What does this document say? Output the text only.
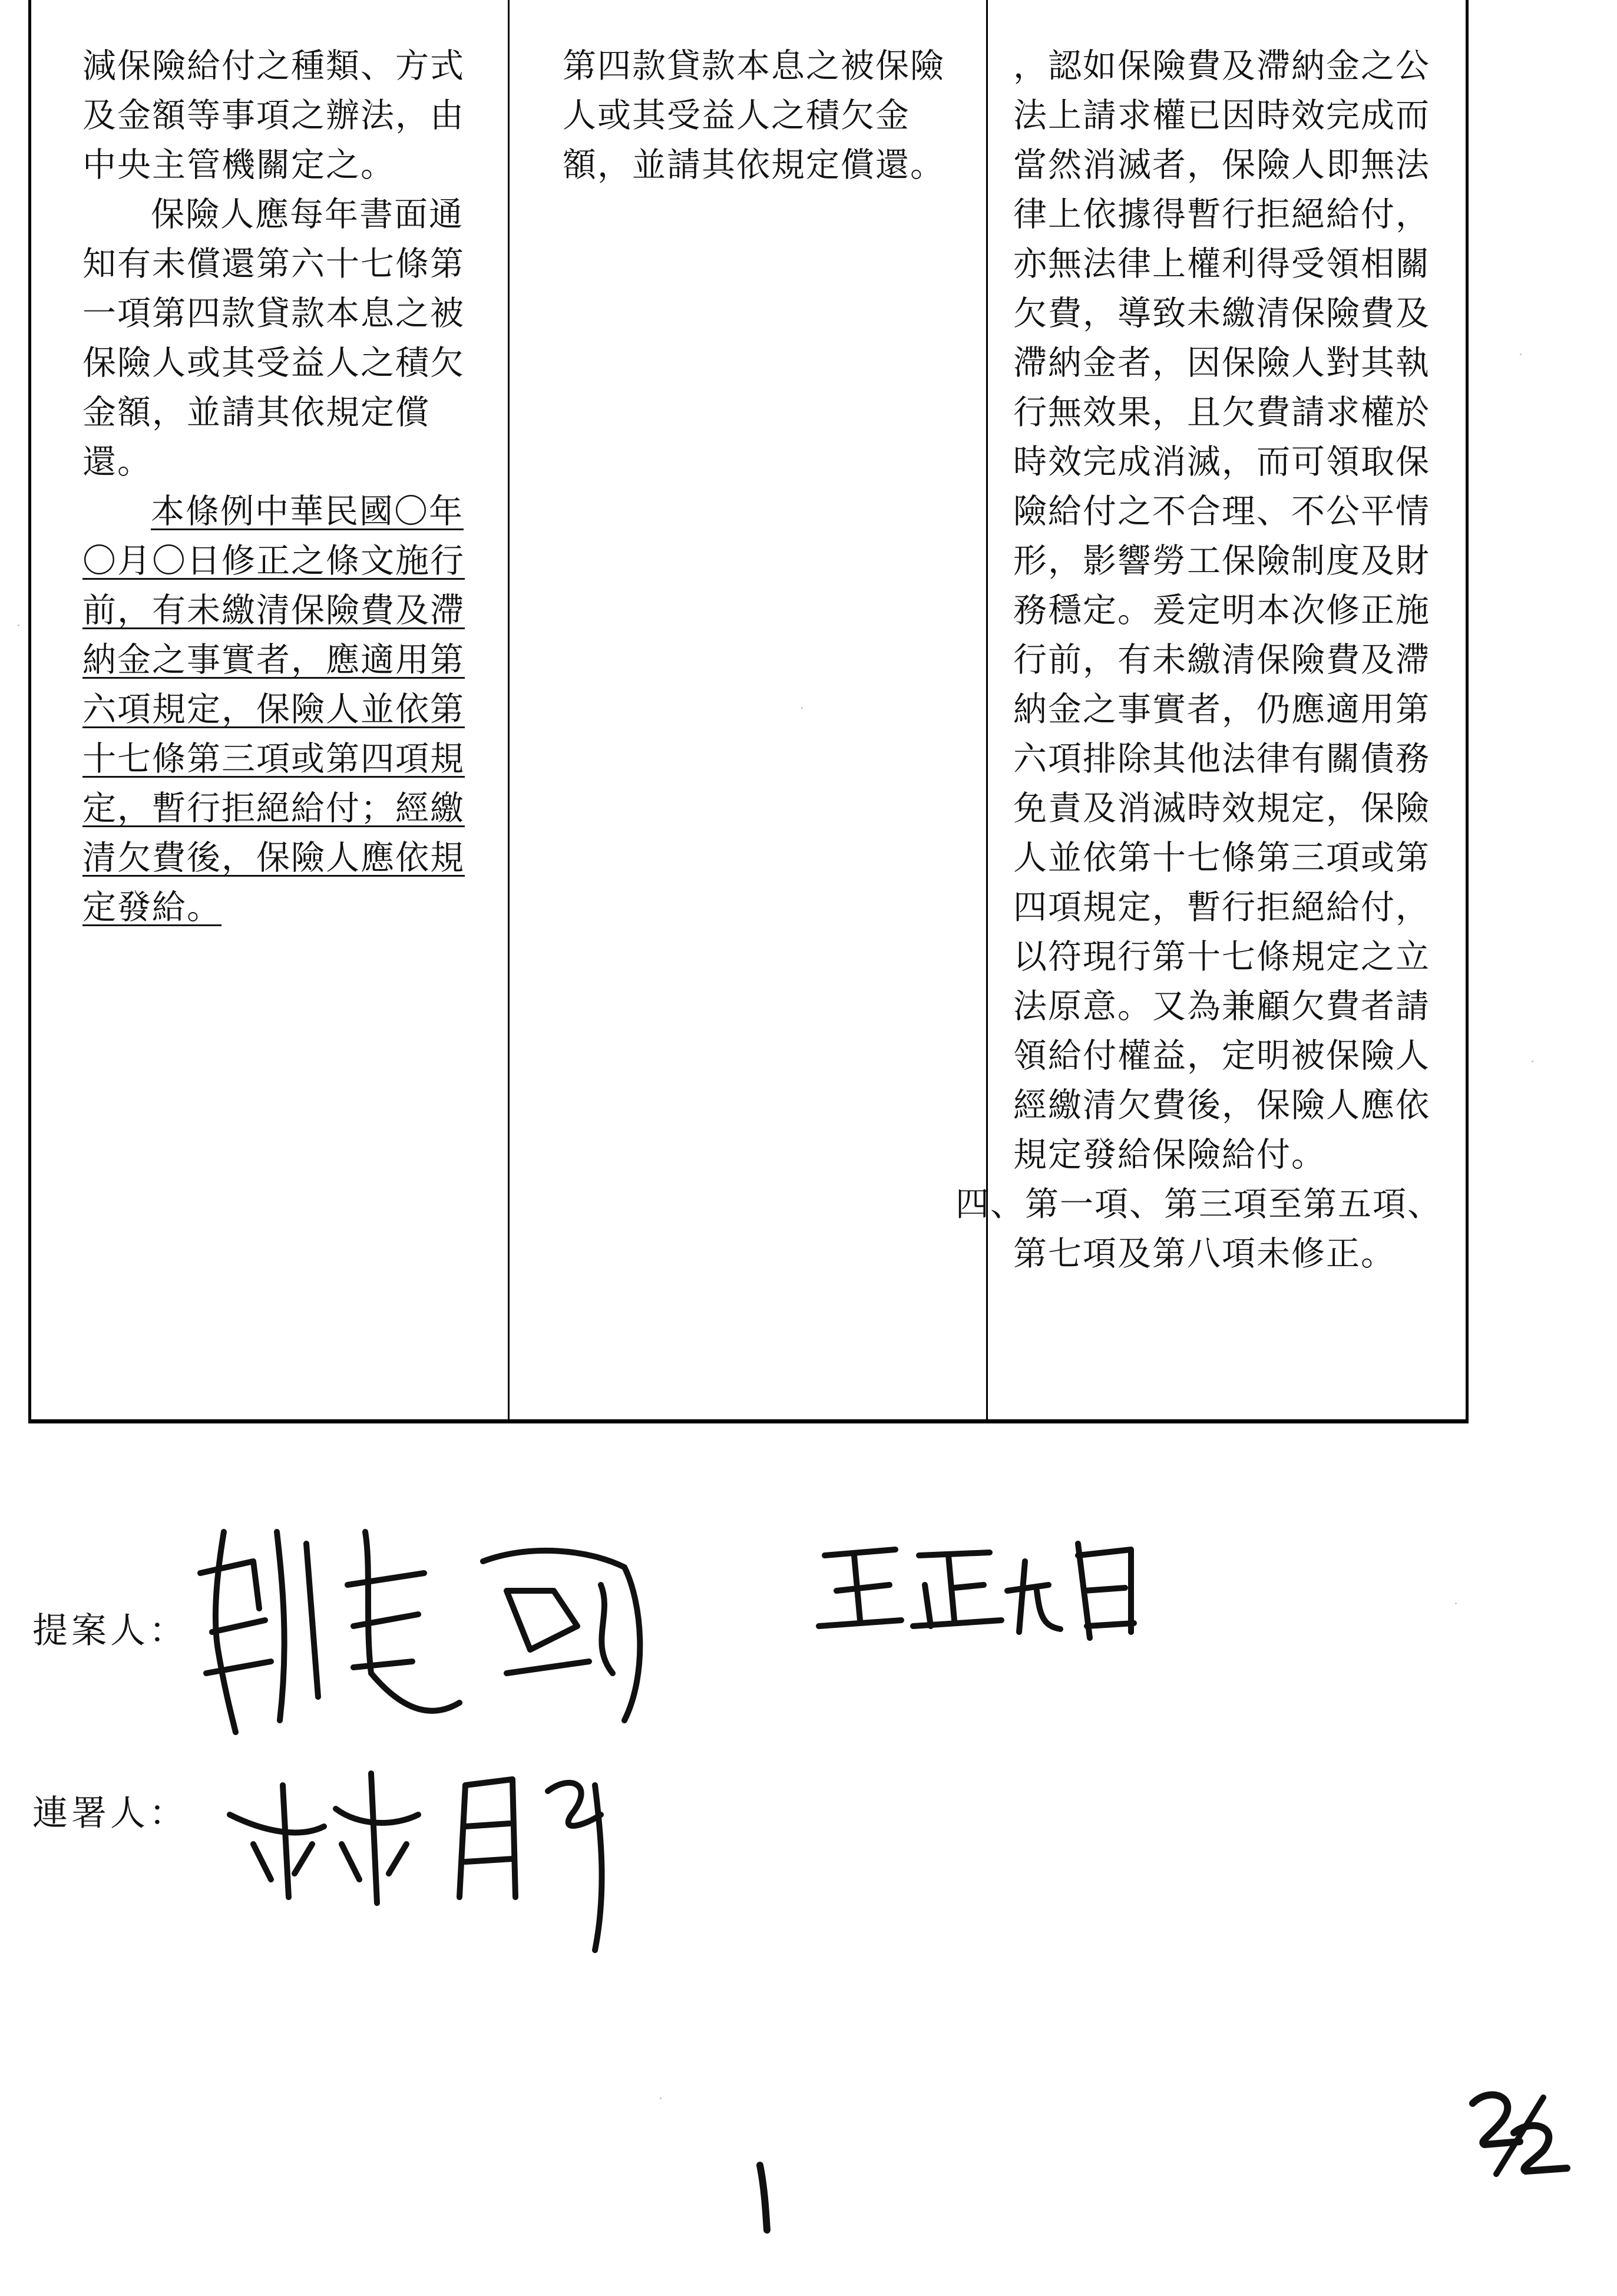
減保險給付之種類、方式及金額等事項之辦法，由中央主管機關定之。

保險人應每年書面通知有未償還第六十七條第一項第四款貸款本息之被保險人或其受益人之積欠金額，並請其依規定償還。

本條例中華民國〇年〇月〇日修正之條文施行前，有未繳清保險費及滯納金之事實者，應適用第六項規定，保險人並依第十七條第三項或第四項規定，暫行拒絕給付；經繳清欠費後，保險人應依規定發給。

第四款貸款本息之被保險人或其受益人之積欠金額，並請其依規定償還。

，認如保險費及滯納金之公法上請求權已因時效完成而當然消滅者，保險人即無法律上依據得暫行拒絕給付，亦無法律上權利得受領相關欠費，導致未繳清保險費及滯納金者，因保險人對其執行無效果，且欠費請求權於時效完成消滅，而可領取保險給付之不合理、不公平情形，影響勞工保險制度及財務穩定。爰定明本次修正施行前，有未繳清保險費及滯納金之事實者，仍應適用第六項排除其他法律有關債務免責及消滅時效規定，保險人並依第十七條第三項或第四項規定，暫行拒絕給付，以符現行第十七條規定之立法原意。又為兼顧欠費者請領給付權益，定明被保險人經繳清欠費後，保險人應依規定發給保險給付。

四、第一項、第三項至第五項、第七項及第八項未修正。

提案人：
連署人：
